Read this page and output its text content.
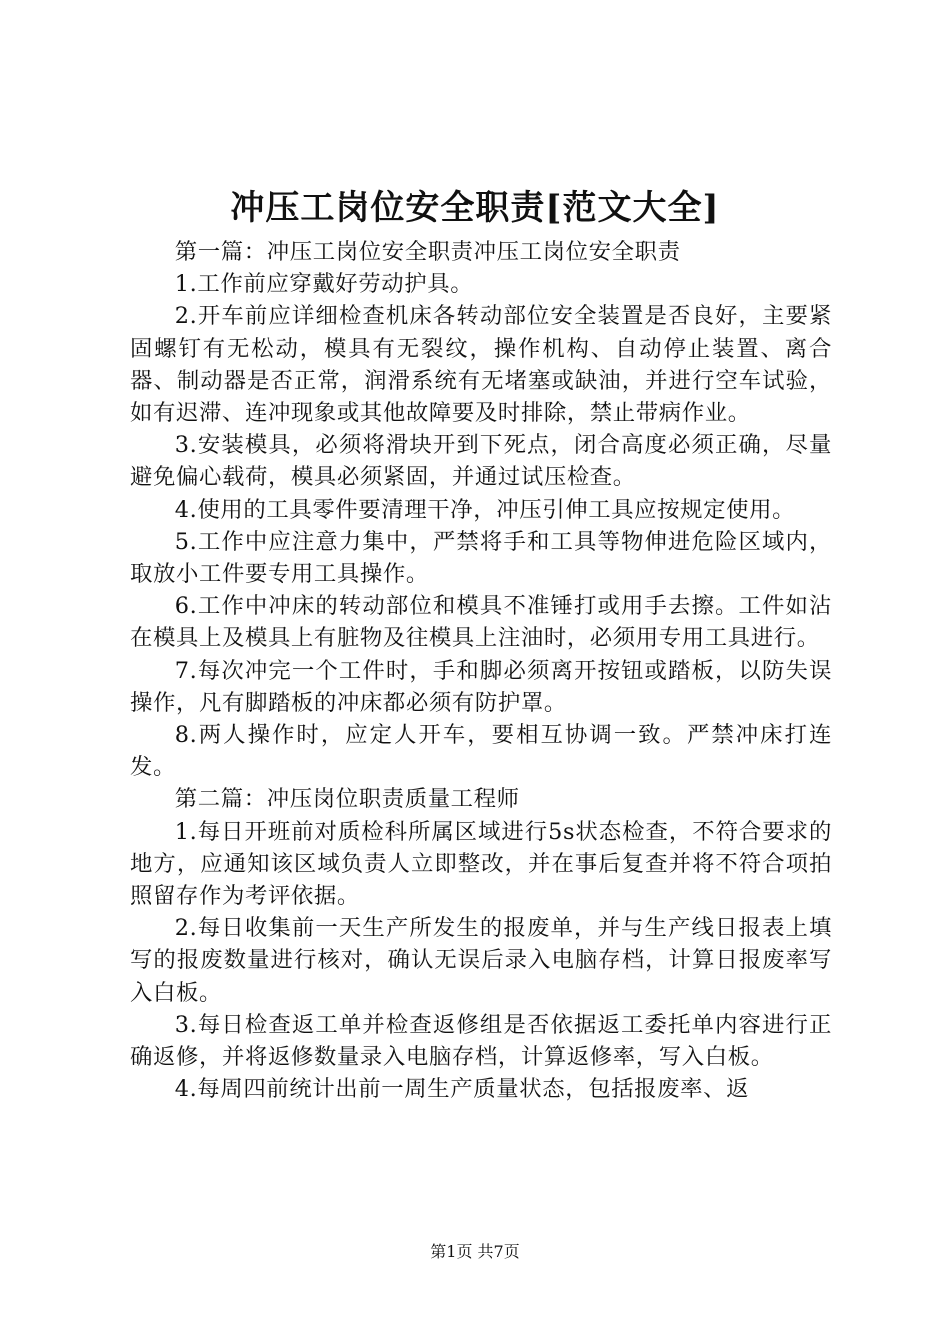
冲压工岗位安全职责[范文大全]

第一篇：冲压工岗位安全职责冲压工岗位安全职责

1.工作前应穿戴好劳动护具。

2.开车前应详细检查机床各转动部位安全装置是否良好，主要紧固螺钉有无松动，模具有无裂纹，操作机构、自动停止装置、离合器、制动器是否正常，润滑系统有无堵塞或缺油，并进行空车试验，如有迟滞、连冲现象或其他故障要及时排除，禁止带病作业。

3.安装模具，必须将滑块开到下死点，闭合高度必须正确，尽量避免偏心载荷，模具必须紧固，并通过试压检查。

4.使用的工具零件要清理干净，冲压引伸工具应按规定使用。

5.工作中应注意力集中，严禁将手和工具等物伸进危险区域内，取放小工件要专用工具操作。

6.工作中冲床的转动部位和模具不准锤打或用手去擦。工件如沾在模具上及模具上有脏物及往模具上注油时，必须用专用工具进行。

7.每次冲完一个工件时，手和脚必须离开按钮或踏板，以防失误操作，凡有脚踏板的冲床都必须有防护罩。

8.两人操作时，应定人开车，要相互协调一致。严禁冲床打连发。

第二篇：冲压岗位职责质量工程师

1.每日开班前对质检科所属区域进行5s状态检查，不符合要求的地方，应通知该区域负责人立即整改，并在事后复查并将不符合项拍照留存作为考评依据。

2.每日收集前一天生产所发生的报废单，并与生产线日报表上填写的报废数量进行核对，确认无误后录入电脑存档，计算日报废率写入白板。

3.每日检查返工单并检查返修组是否依据返工委托单内容进行正确返修，并将返修数量录入电脑存档，计算返修率，写入白板。

4.每周四前统计出前一周生产质量状态，包括报废率、返

第1页 共7页
